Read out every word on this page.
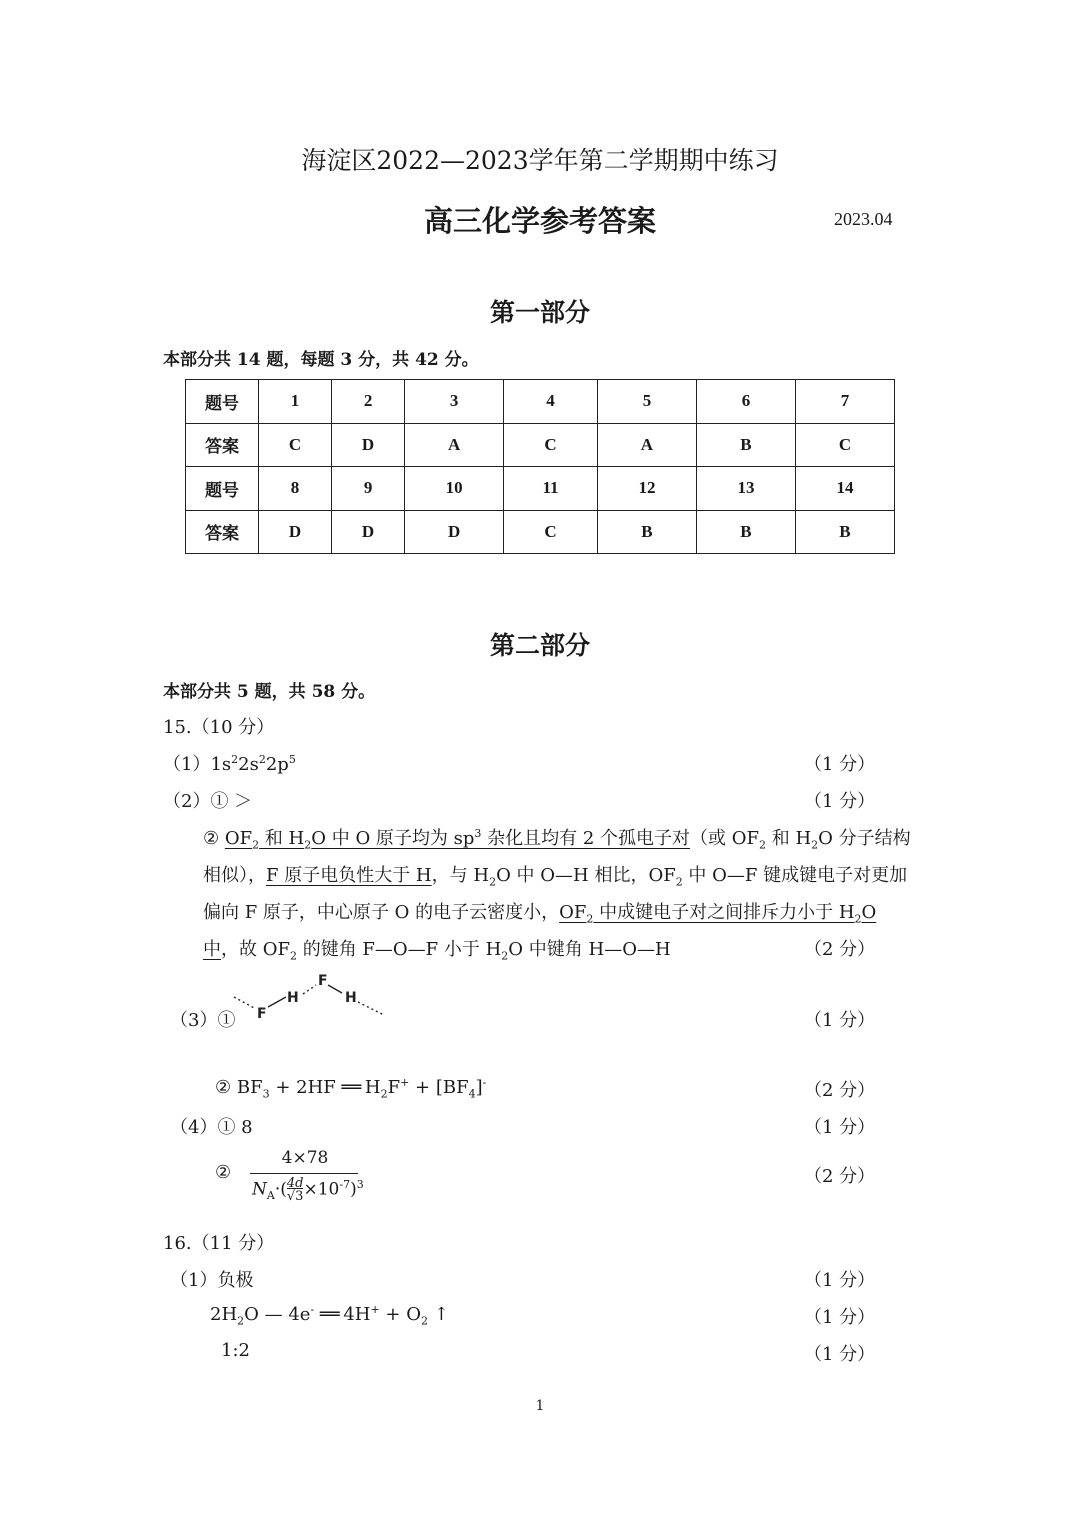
海淀区2022—2023学年第二学期期中练习
高三化学参考答案	2023.04
第一部分
本部分共 14 题，每题 3 分，共 42 分。
题号	1	2	3	4	5	6	7
答案	C	D	A	C	A	B	C
题号	8	9	10	11	12	13	14
答案	D	D	D	C	B	B	B
第二部分
本部分共 5 题，共 58 分。
15.（10 分）
$(1)1s^22s^22p^5$	（1 分）
（2）① ＞	（1 分）
② $OF_2$ 和 $H_2O$ 中 O 原子均为 $sp^3$ 杂化且均有 2 个孤电子对（或 $OF_2$ 和 $H_2O$ 分子结构
相似），F 原子电负性大于 H，与 $H_2O$ 中 O—H 相比，$OF_2$ 中 O—F 键成键电子对更加
偏向 F 原子，中心原子 O 的电子云密度小，$OF_2$ 中成键电子对之间排斥力小于 $H_2O$
中，故 $OF_2$ 的键角 F—O—F 小于 $H_2O$ 中键角 H—O—H	（2 分）
（3）① F
H
F
H
（1 分）
② $BF_3 + 2HF$ ══ $H_2F^+ + [BF_4]^-$	（2 分）
（4）① 8	（1 分）
②
4×78
$N_A\cdot(\frac{4d}{√3}\times 10^{-7})^3$	（2 分）
16.（11 分）
（1）负极	（1 分）
$2H_2O$ — 4e- ══ $4H^+ + O_2$ ↑	（1 分）
1:2	（1 分）
1
